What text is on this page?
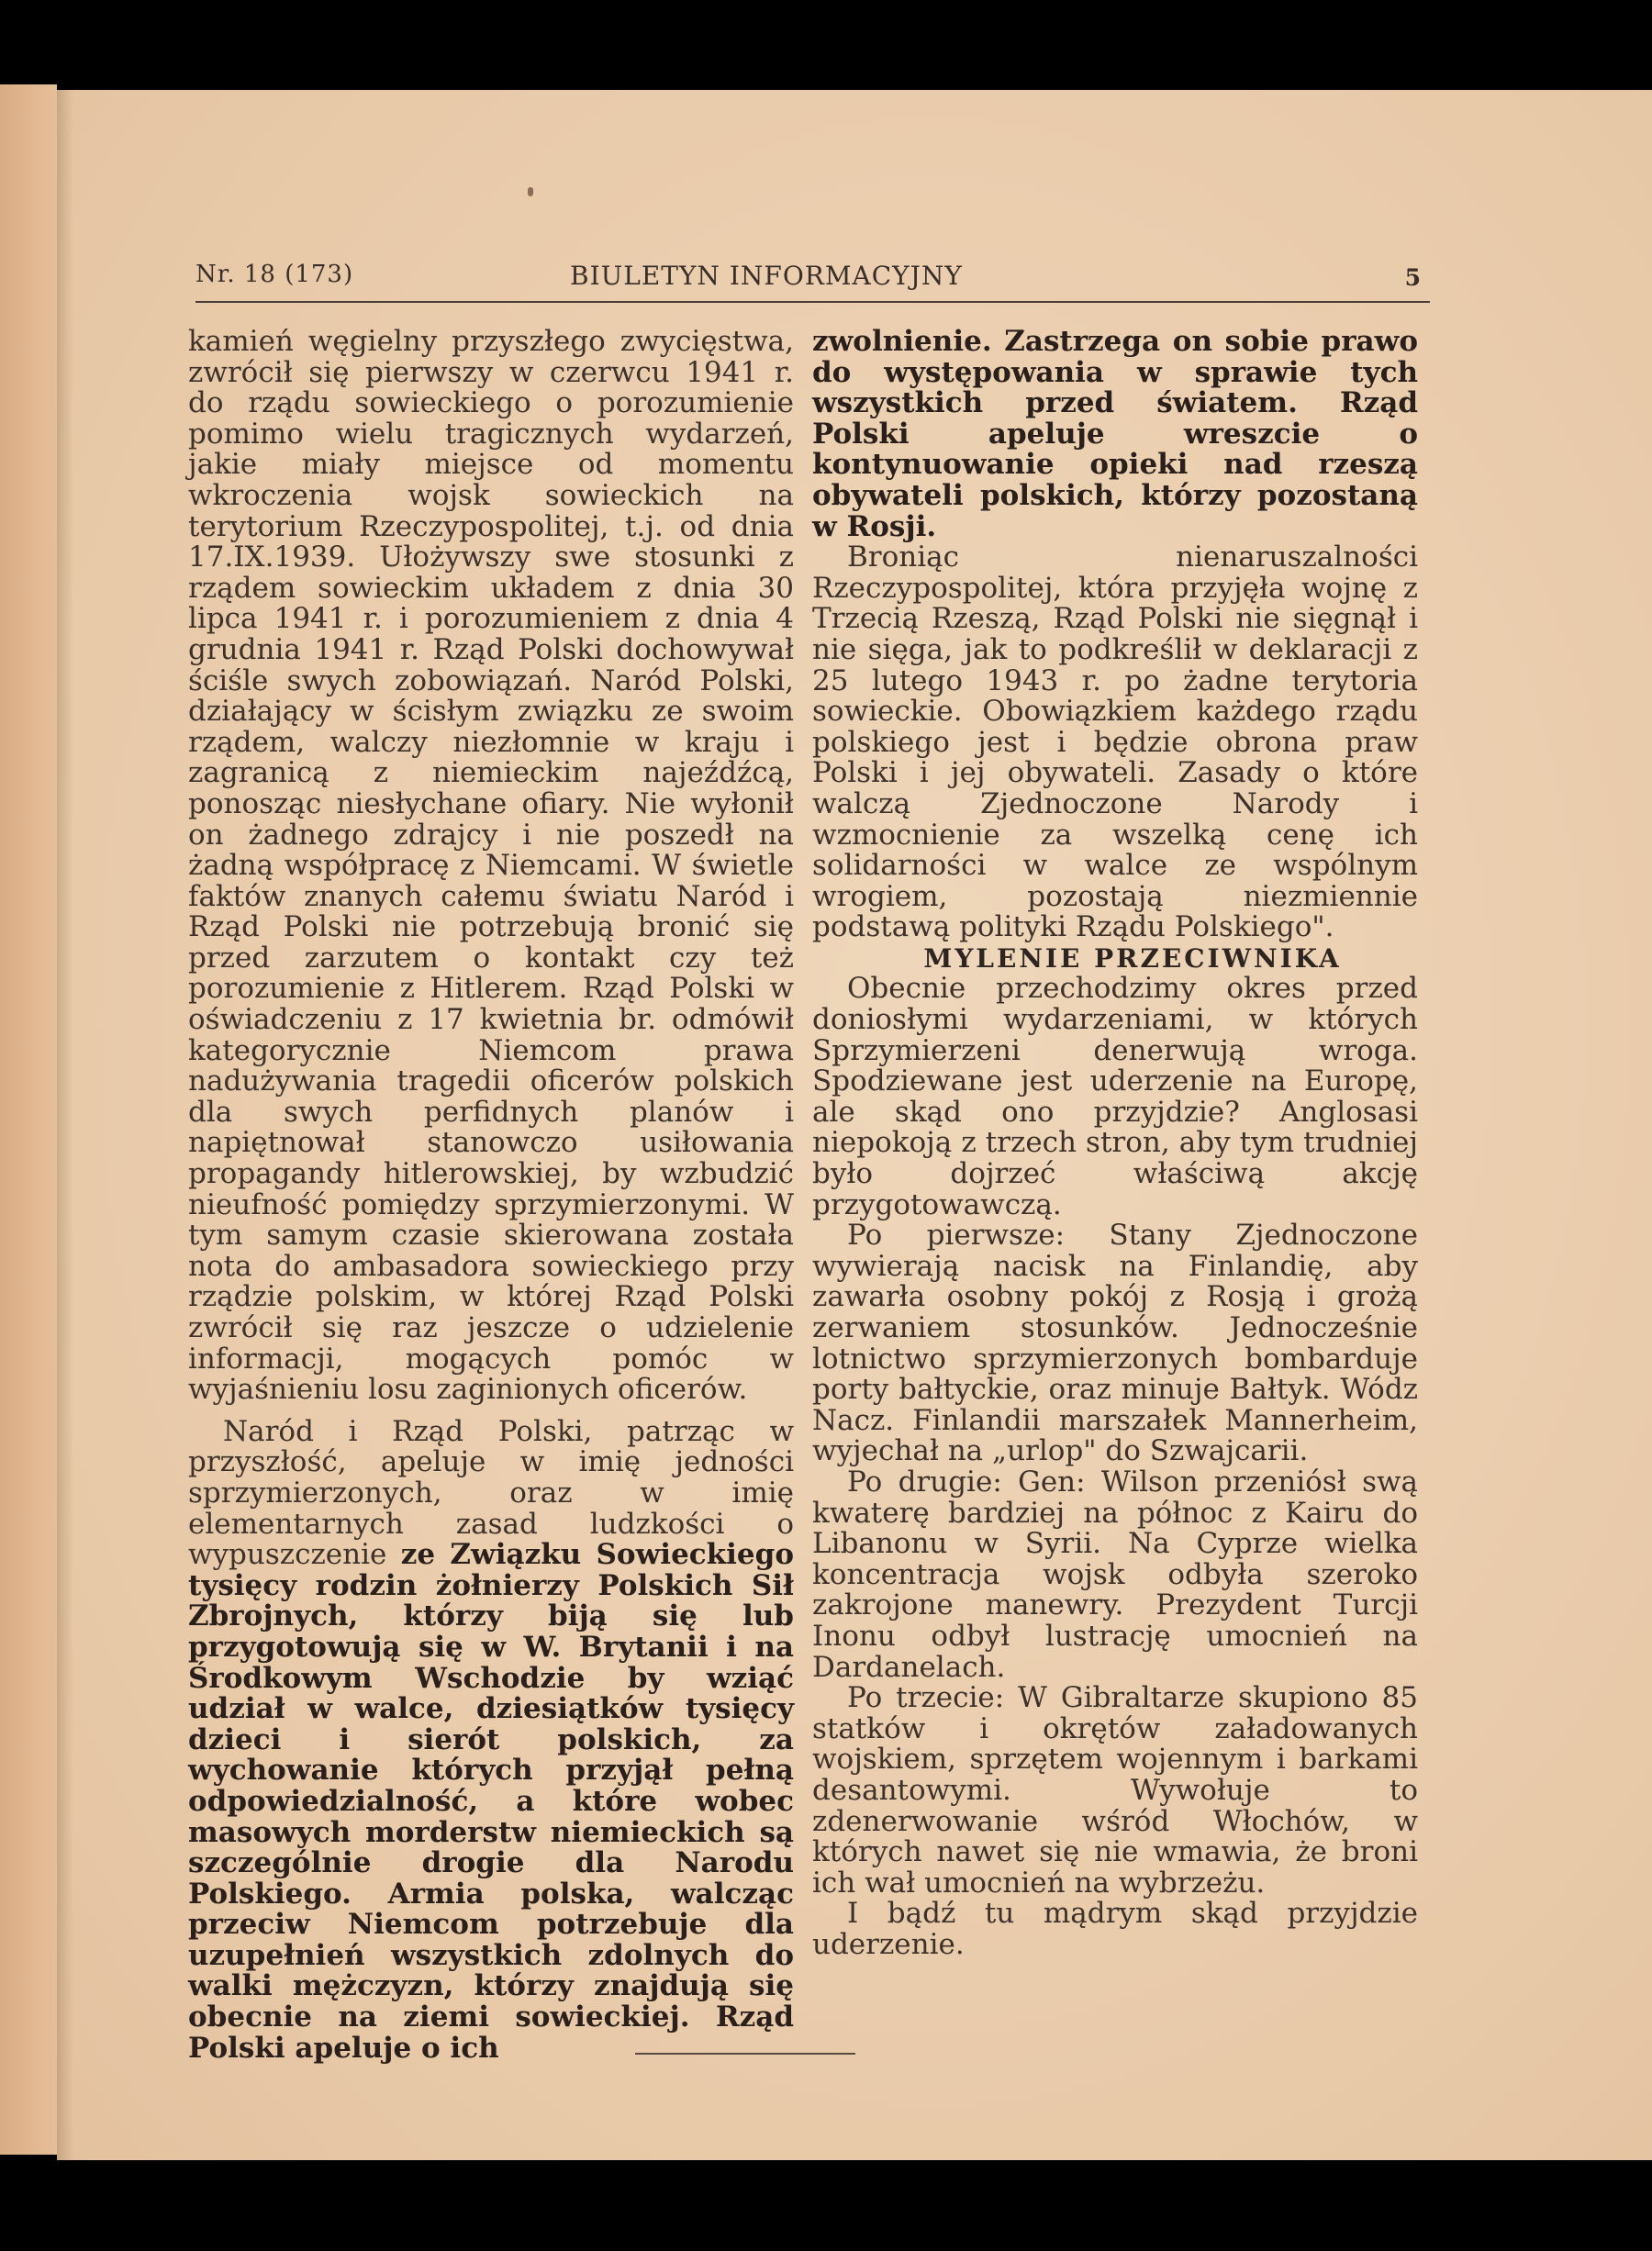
Nr. 18 (173)	BIULETYN INFORMACYJNY	5

kamień węgielny przyszłego zwycięstwa, zwrócił się pierwszy w czerwcu 1941 r. do rządu sowieckiego o porozumienie pomimo wielu tragicznych wydarzeń, jakie miały miejsce od momentu wkroczenia wojsk sowieckich na terytorium Rzeczypospolitej, t.j. od dnia 17.IX.1939. Ułożywszy swe stosunki z rządem sowieckim układem z dnia 30 lipca 1941 r. i porozumieniem z dnia 4 grudnia 1941 r. Rząd Polski dochowywał ściśle swych zobowiązań. Naród Polski, działający w ścisłym związku ze swoim rządem, walczy niezłomnie w kraju i zagranicą z niemieckim najeźdźcą, ponosząc niesłychane ofiary. Nie wyłonił on żadnego zdrajcy i nie poszedł na żadną współpracę z Niemcami. W świetle faktów znanych całemu światu Naród i Rząd Polski nie potrzebują bronić się przed zarzutem o kontakt czy też porozumienie z Hitlerem. Rząd Polski w oświadczeniu z 17 kwietnia br. odmówił kategorycznie Niemcom prawa nadużywania tragedii oficerów polskich dla swych perfidnych planów i napiętnował stanowczo usiłowania propagandy hitlerowskiej, by wzbudzić nieufność pomiędzy sprzymierzonymi. W tym samym czasie skierowana została nota do ambasadora sowieckiego przy rządzie polskim, w której Rząd Polski zwrócił się raz jeszcze o udzielenie informacji, mogących pomóc w wyjaśnieniu losu zaginionych oficerów.

Naród i Rząd Polski, patrząc w przyszłość, apeluje w imię jedności sprzymierzonych, oraz w imię elementarnych zasad ludzkości o wypuszczenie ze Związku Sowieckiego tysięcy rodzin żołnierzy Polskich Sił Zbrojnych, którzy biją się lub przygotowują się w W. Brytanii i na Środkowym Wschodzie by wziąć udział w walce, dziesiątków tysięcy dzieci i sierót polskich, za wychowanie których przyjął pełną odpowiedzialność, a które wobec masowych morderstw niemieckich są szczególnie drogie dla Narodu Polskiego. Armia polska, walcząc przeciw Niemcom potrzebuje dla uzupełnień wszystkich zdolnych do walki mężczyzn, którzy znajdują się obecnie na ziemi sowieckiej. Rząd Polski apeluje o ich

zwolnienie. Zastrzega on sobie prawo do występowania w sprawie tych wszystkich przed światem. Rząd Polski apeluje wreszcie o kontynuowanie opieki nad rzeszą obywateli polskich, którzy pozostaną w Rosji.

Broniąc nienaruszalności Rzeczypospolitej, która przyjęła wojnę z Trzecią Rzeszą, Rząd Polski nie sięgnął i nie sięga, jak to podkreślił w deklaracji z 25 lutego 1943 r. po żadne terytoria sowieckie. Obowiązkiem każdego rządu polskiego jest i będzie obrona praw Polski i jej obywateli. Zasady o które walczą Zjednoczone Narody i wzmocnienie za wszelką cenę ich solidarności w walce ze wspólnym wrogiem, pozostają niezmiennie podstawą polityki Rządu Polskiego".

MYLENIE PRZECIWNIKA

Obecnie przechodzimy okres przed doniosłymi wydarzeniami, w których Sprzymierzeni denerwują wroga. Spodziewane jest uderzenie na Europę, ale skąd ono przyjdzie? Anglosasi niepokoją z trzech stron, aby tym trudniej było dojrzeć właściwą akcję przygotowawczą.

Po pierwsze: Stany Zjednoczone wywierają nacisk na Finlandię, aby zawarła osobny pokój z Rosją i grożą zerwaniem stosunków. Jednocześnie lotnictwo sprzymierzonych bombarduje porty bałtyckie, oraz minuje Bałtyk. Wódz Nacz. Finlandii marszałek Mannerheim, wyjechał na „urlop" do Szwajcarii.

Po drugie: Gen: Wilson przeniósł swą kwaterę bardziej na północ z Kairu do Libanonu w Syrii. Na Cyprze wielka koncentracja wojsk odbyła szeroko zakrojone manewry. Prezydent Turcji Inonu odbył lustrację umocnień na Dardanelach.

Po trzecie: W Gibraltarze skupiono 85 statków i okrętów załadowanych wojskiem, sprzętem wojennym i barkami desantowymi. Wywołuje to zdenerwowanie wśród Włochów, w których nawet się nie wmawia, że broni ich wał umocnień na wybrzeżu.

I bądź tu mądrym skąd przyjdzie uderzenie.
